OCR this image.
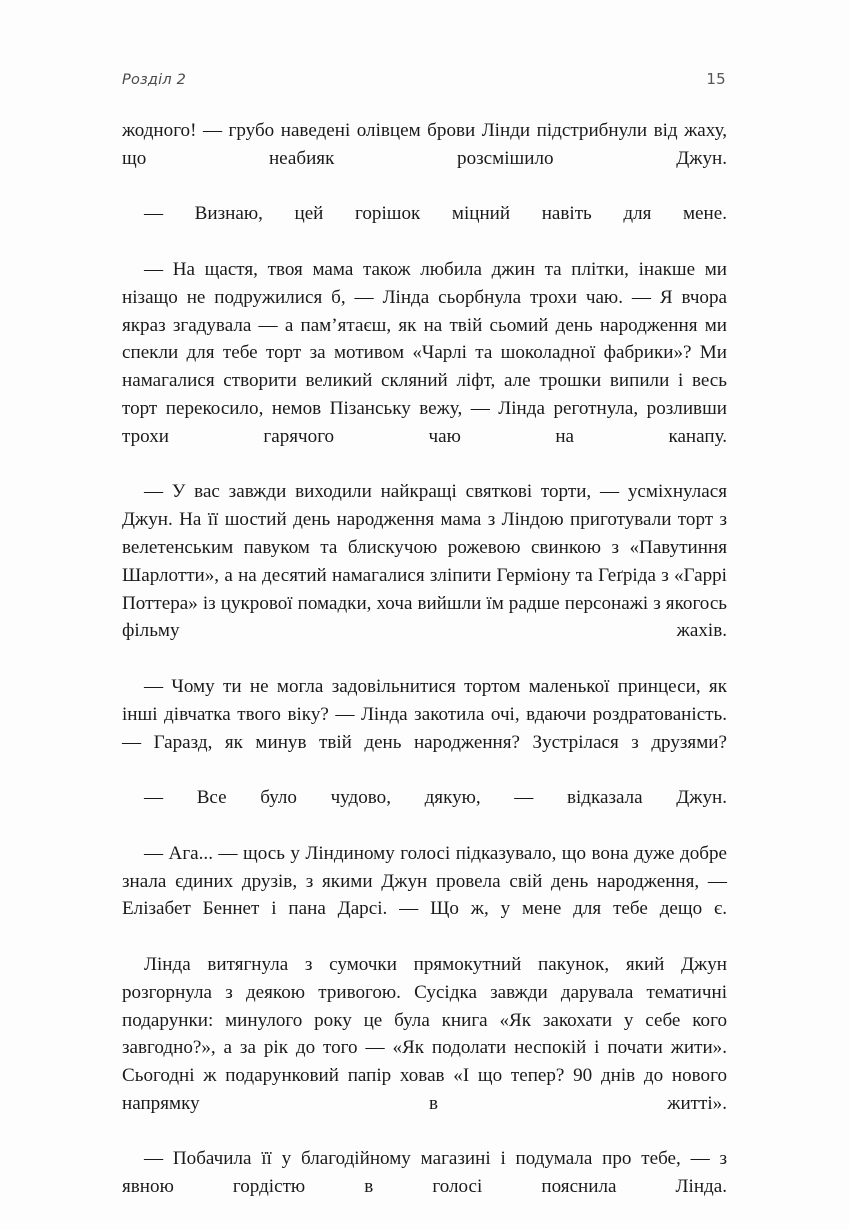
Розділ 2	15

жодного! — грубо наведені олівцем брови Лінди підстрибнули від жаху, що неабияк розсмішило Джун.

— Визнаю, цей горішок міцний навіть для мене.

— На щастя, твоя мама також любила джин та плітки, інакше ми нізащо не подружилися б, — Лінда сьорбнула трохи чаю. — Я вчора якраз згадувала — а пам’ятаєш, як на твій сьомий день народження ми спекли для тебе торт за мотивом «Чарлі та шоколадної фабрики»? Ми намагалися створити великий скляний ліфт, але трошки випили і весь торт перекосило, немов Пізанську вежу, — Лінда реготнула, розливши трохи гарячого чаю на канапу.

— У вас завжди виходили найкращі святкові торти, — усміхнулася Джун. На її шостий день народження мама з Ліндою приготували торт з велетенським павуком та блискучою рожевою свинкою з «Павутиння Шарлотти», а на десятий намагалися зліпити Герміону та Геґріда з «Гаррі Поттера» із цукрової помадки, хоча вийшли їм радше персонажі з якогось фільму жахів.

— Чому ти не могла задовільнитися тортом маленької принцеси, як інші дівчатка твого віку? — Лінда закотила очі, вдаючи роздратованість. — Гаразд, як минув твій день народження? Зустрілася з друзями?

— Все було чудово, дякую, — відказала Джун.

— Ага... — щось у Ліндиному голосі підказувало, що вона дуже добре знала єдиних друзів, з якими Джун провела свій день народження, — Елізабет Беннет і пана Дарсі. — Що ж, у мене для тебе дещо є.

Лінда витягнула з сумочки прямокутний пакунок, який Джун розгорнула з деякою тривогою. Сусідка завжди дарувала тематичні подарунки: минулого року це була книга «Як закохати у себе кого завгодно?», а за рік до того — «Як подолати неспокій і почати жити». Сьогодні ж подарунковий папір ховав «І що тепер? 90 днів до нового напрямку в житті».

— Побачила її у благодійному магазині і подумала про тебе, — з явною гордістю в голосі пояснила Лінда.
